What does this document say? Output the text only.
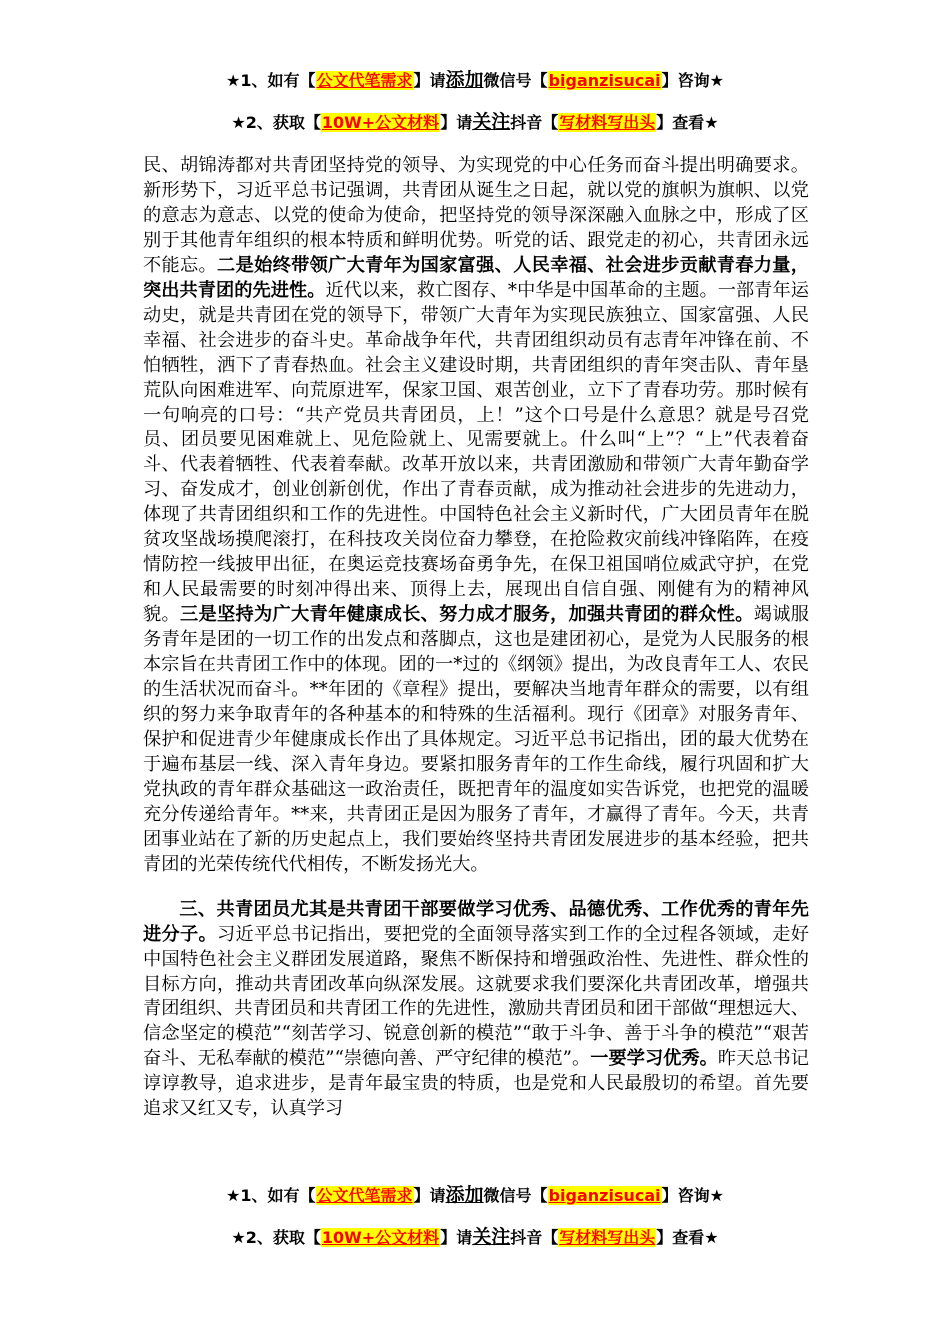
★1、如有【公文代笔需求】请添加微信号【biganzisucai】咨询★
★2、获取【10W+公文材料】请关注抖音【写材料写出头】查看★

民、胡锦涛都对共青团坚持党的领导、为实现党的中心任务而奋斗提出明确要求。新形势下，习近平总书记强调，共青团从诞生之日起，就以党的旗帜为旗帜、以党的意志为意志、以党的使命为使命，把坚持党的领导深深融入血脉之中，形成了区别于其他青年组织的根本特质和鲜明优势。听党的话、跟党走的初心，共青团永远不能忘。二是始终带领广大青年为国家富强、人民幸福、社会进步贡献青春力量，突出共青团的先进性。近代以来，救亡图存、*中华是中国革命的主题。一部青年运动史，就是共青团在党的领导下，带领广大青年为实现民族独立、国家富强、人民幸福、社会进步的奋斗史。革命战争年代，共青团组织动员有志青年冲锋在前、不怕牺牲，洒下了青春热血。社会主义建设时期，共青团组织的青年突击队、青年垦荒队向困难进军、向荒原进军，保家卫国、艰苦创业，立下了青春功劳。那时候有一句响亮的口号：“共产党员共青团员，上！”这个口号是什么意思？就是号召党员、团员要见困难就上、见危险就上、见需要就上。什么叫“上”？“上”代表着奋斗、代表着牺牲、代表着奉献。改革开放以来，共青团激励和带领广大青年勤奋学习、奋发成才，创业创新创优，作出了青春贡献，成为推动社会进步的先进动力，体现了共青团组织和工作的先进性。中国特色社会主义新时代，广大团员青年在脱贫攻坚战场摸爬滚打，在科技攻关岗位奋力攀登，在抢险救灾前线冲锋陷阵，在疫情防控一线披甲出征，在奥运竞技赛场奋勇争先，在保卫祖国哨位威武守护，在党和人民最需要的时刻冲得出来、顶得上去，展现出自信自强、刚健有为的精神风貌。三是坚持为广大青年健康成长、努力成才服务，加强共青团的群众性。竭诚服务青年是团的一切工作的出发点和落脚点，这也是建团初心，是党为人民服务的根本宗旨在共青团工作中的体现。团的一*过的《纲领》提出，为改良青年工人、农民的生活状况而奋斗。**年团的《章程》提出，要解决当地青年群众的需要，以有组织的努力来争取青年的各种基本的和特殊的生活福利。现行《团章》对服务青年、保护和促进青少年健康成长作出了具体规定。习近平总书记指出，团的最大优势在于遍布基层一线、深入青年身边。要紧扣服务青年的工作生命线，履行巩固和扩大党执政的青年群众基础这一政治责任，既把青年的温度如实告诉党，也把党的温暖充分传递给青年。**来，共青团正是因为服务了青年，才赢得了青年。今天，共青团事业站在了新的历史起点上，我们要始终坚持共青团发展进步的基本经验，把共青团的光荣传统代代相传，不断发扬光大。

三、共青团员尤其是共青团干部要做学习优秀、品德优秀、工作优秀的青年先进分子。习近平总书记指出，要把党的全面领导落实到工作的全过程各领域，走好中国特色社会主义群团发展道路，聚焦不断保持和增强政治性、先进性、群众性的目标方向，推动共青团改革向纵深发展。这就要求我们要深化共青团改革，增强共青团组织、共青团员和共青团工作的先进性，激励共青团员和团干部做“理想远大、信念坚定的模范”“刻苦学习、锐意创新的模范”“敢于斗争、善于斗争的模范”“艰苦奋斗、无私奉献的模范”“崇德向善、严守纪律的模范”。一要学习优秀。昨天总书记谆谆教导，追求进步，是青年最宝贵的特质，也是党和人民最殷切的希望。首先要追求又红又专，认真学习

★1、如有【公文代笔需求】请添加微信号【biganzisucai】咨询★
★2、获取【10W+公文材料】请关注抖音【写材料写出头】查看★
